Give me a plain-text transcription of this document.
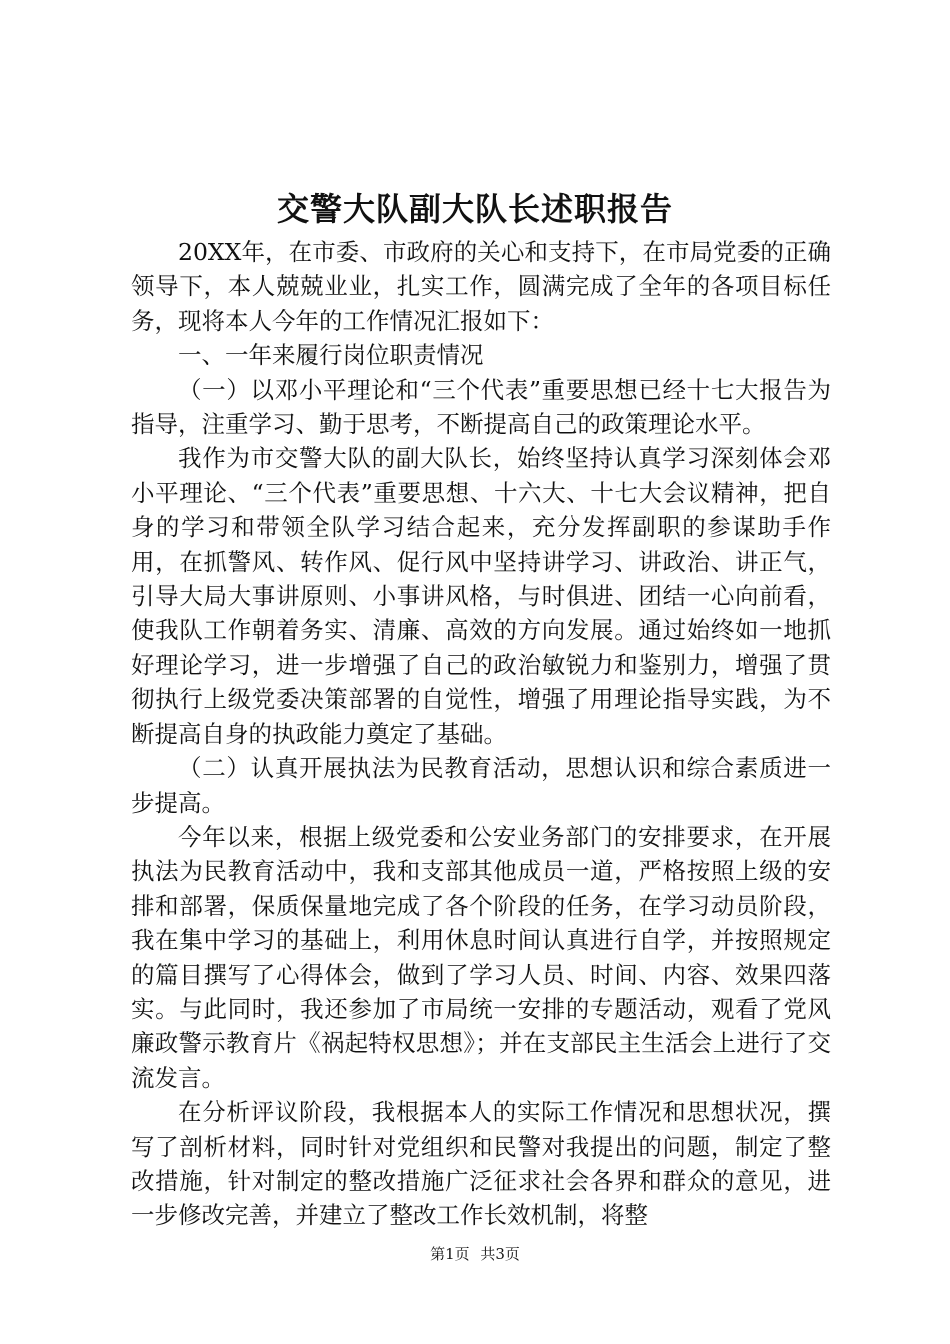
交警大队副大队长述职报告

20XX年，在市委、市政府的关心和支持下，在市局党委的正确领导下，本人兢兢业业，扎实工作，圆满完成了全年的各项目标任务，现将本人今年的工作情况汇报如下：

一、一年来履行岗位职责情况

（一）以邓小平理论和“三个代表”重要思想已经十七大报告为指导，注重学习、勤于思考，不断提高自己的政策理论水平。

我作为市交警大队的副大队长，始终坚持认真学习深刻体会邓小平理论、“三个代表”重要思想、十六大、十七大会议精神，把自身的学习和带领全队学习结合起来，充分发挥副职的参谋助手作用，在抓警风、转作风、促行风中坚持讲学习、讲政治、讲正气，引导大局大事讲原则、小事讲风格，与时俱进、团结一心向前看，使我队工作朝着务实、清廉、高效的方向发展。通过始终如一地抓好理论学习，进一步增强了自己的政治敏锐力和鉴别力，增强了贯彻执行上级党委决策部署的自觉性，增强了用理论指导实践，为不断提高自身的执政能力奠定了基础。

（二）认真开展执法为民教育活动，思想认识和综合素质进一步提高。

今年以来，根据上级党委和公安业务部门的安排要求，在开展执法为民教育活动中，我和支部其他成员一道，严格按照上级的安排和部署，保质保量地完成了各个阶段的任务，在学习动员阶段，我在集中学习的基础上，利用休息时间认真进行自学，并按照规定的篇目撰写了心得体会，做到了学习人员、时间、内容、效果四落实。与此同时，我还参加了市局统一安排的专题活动，观看了党风廉政警示教育片《祸起特权思想》；并在支部民主生活会上进行了交流发言。

在分析评议阶段，我根据本人的实际工作情况和思想状况，撰写了剖析材料，同时针对党组织和民警对我提出的问题，制定了整改措施，针对制定的整改措施广泛征求社会各界和群众的意见，进一步修改完善，并建立了整改工作长效机制，将整

第1页 共3页
